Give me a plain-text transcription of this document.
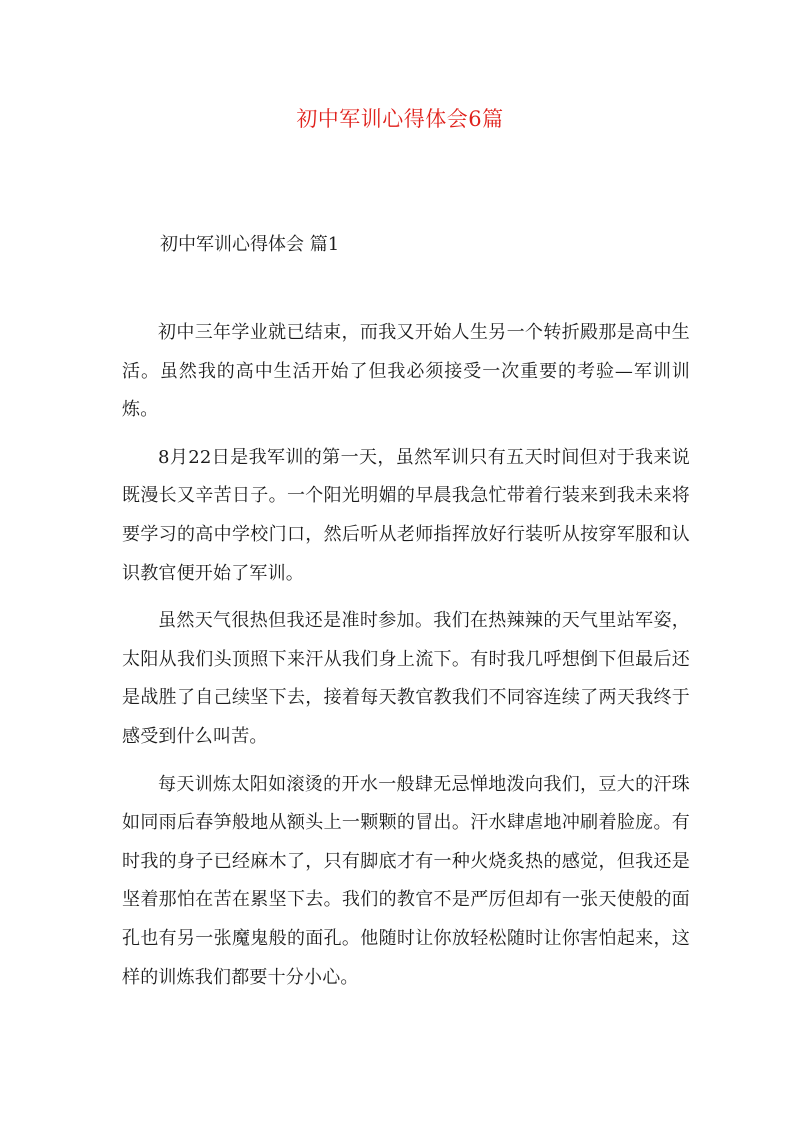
初中军训心得体会6篇
初中军训心得体会 篇1

初中三年学业就已结束，而我又开始人生另一个转折殿那是高中生活。虽然我的高中生活开始了但我必须接受一次重要的考验—军训训炼。

8月22日是我军训的第一天，虽然军训只有五天时间但对于我来说既漫长又辛苦日子。一个阳光明媚的早晨我急忙带着行装来到我未来将要学习的高中学校门口，然后听从老师指挥放好行装听从按穿军服和认识教官便开始了军训。

虽然天气很热但我还是准时参加。我们在热辣辣的天气里站军姿，太阳从我们头顶照下来汗从我们身上流下。有时我几呼想倒下但最后还是战胜了自己续坚下去，接着每天教官教我们不同容连续了两天我终于感受到什么叫苦。

每天训炼太阳如滚烫的开水一般肆无忌惮地泼向我们，豆大的汗珠如同雨后春笋般地从额头上一颗颗的冒出。汗水肆虐地冲刷着脸庞。有时我的身子已经麻木了，只有脚底才有一种火烧炙热的感觉，但我还是坚着那怕在苦在累坚下去。我们的教官不是严厉但却有一张天使般的面孔也有另一张魔鬼般的面孔。他随时让你放轻松随时让你害怕起来，这样的训炼我们都要十分小心。
